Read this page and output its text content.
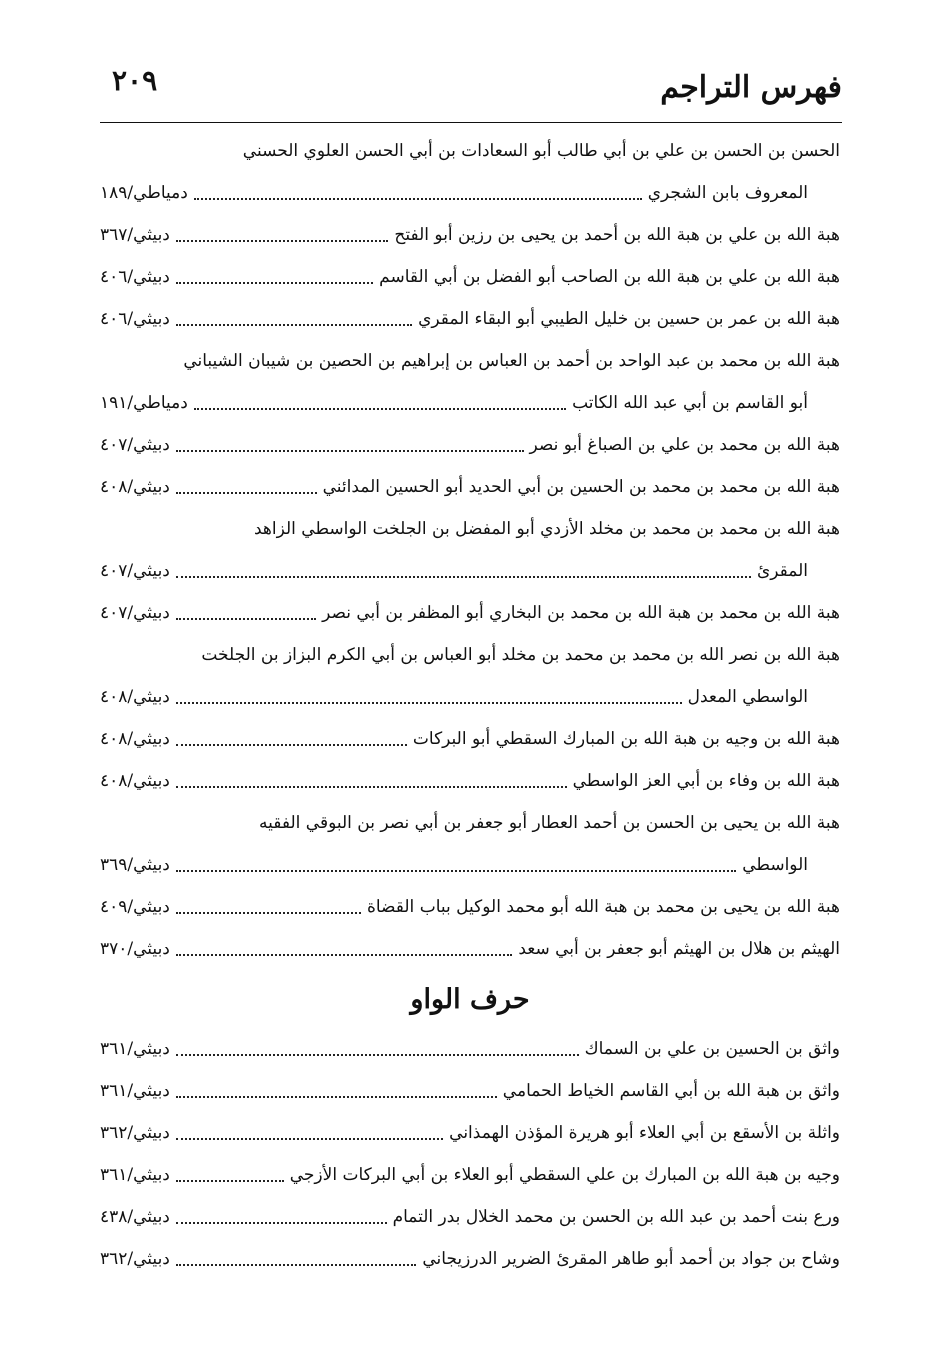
فهرس التراجم
٢٠٩
الحسن بن الحسن بن علي بن أبي طالب أبو السعادات بن أبي الحسن العلوي الحسني
المعروف بابن الشجري
دمياطي/١٨٩
هبة الله بن علي بن هبة الله بن أحمد بن يحيى بن رزين أبو الفتح
دبيثي/٣٦٧
هبة الله بن علي بن هبة الله بن الصاحب أبو الفضل بن أبي القاسم
دبيثي/٤٠٦
هبة الله بن عمر بن حسين بن خليل الطيبي أبو البقاء المقري
دبيثي/٤٠٦
هبة الله بن محمد بن عبد الواحد بن أحمد بن العباس بن إبراهيم بن الحصين بن شيبان الشيباني
أبو القاسم بن أبي عبد الله الكاتب
دمياطي/١٩١
هبة الله بن محمد بن علي بن الصباغ أبو نصر
دبيثي/٤٠٧
هبة الله بن محمد بن محمد بن الحسين بن أبي الحديد أبو الحسين المدائني
دبيثي/٤٠٨
هبة الله بن محمد بن محمد بن مخلد الأزدي أبو المفضل بن الجلخت الواسطي الزاهد
المقرئ
دبيثي/٤٠٧
هبة الله بن محمد بن هبة الله بن محمد بن البخاري أبو المظفر بن أبي نصر
دبيثي/٤٠٧
هبة الله بن نصر الله بن محمد بن محمد بن مخلد أبو العباس بن أبي الكرم البزاز بن الجلخت
الواسطي المعدل
دبيثي/٤٠٨
هبة الله بن وجيه بن هبة الله بن المبارك السقطي أبو البركات
دبيثي/٤٠٨
هبة الله بن وفاء بن أبي العز الواسطي
دبيثي/٤٠٨
هبة الله بن يحيى بن الحسن بن أحمد العطار أبو جعفر بن أبي نصر بن البوقي الفقيه
الواسطي
دبيثي/٣٦٩
هبة الله بن يحيى بن محمد بن هبة الله أبو محمد الوكيل بباب القضاة
دبيثي/٤٠٩
الهيثم بن هلال بن الهيثم أبو جعفر بن أبي سعد
دبيثي/٣٧٠
حرف الواو
واثق بن الحسين بن علي بن السماك
دبيثي/٣٦١
واثق بن هبة الله بن أبي القاسم الخياط الحمامي
دبيثي/٣٦١
واثلة بن الأسقع بن أبي العلاء أبو هريرة المؤذن الهمذاني
دبيثي/٣٦٢
وجيه بن هبة الله بن المبارك بن علي السقطي أبو العلاء بن أبي البركات الأزجي
دبيثي/٣٦١
ورع بنت أحمد بن عبد الله بن الحسن بن محمد الخلال بدر التمام
دبيثي/٤٣٨
وشاح بن جواد بن أحمد أبو طاهر المقرئ الضرير الدرزيجاني
دبيثي/٣٦٢
